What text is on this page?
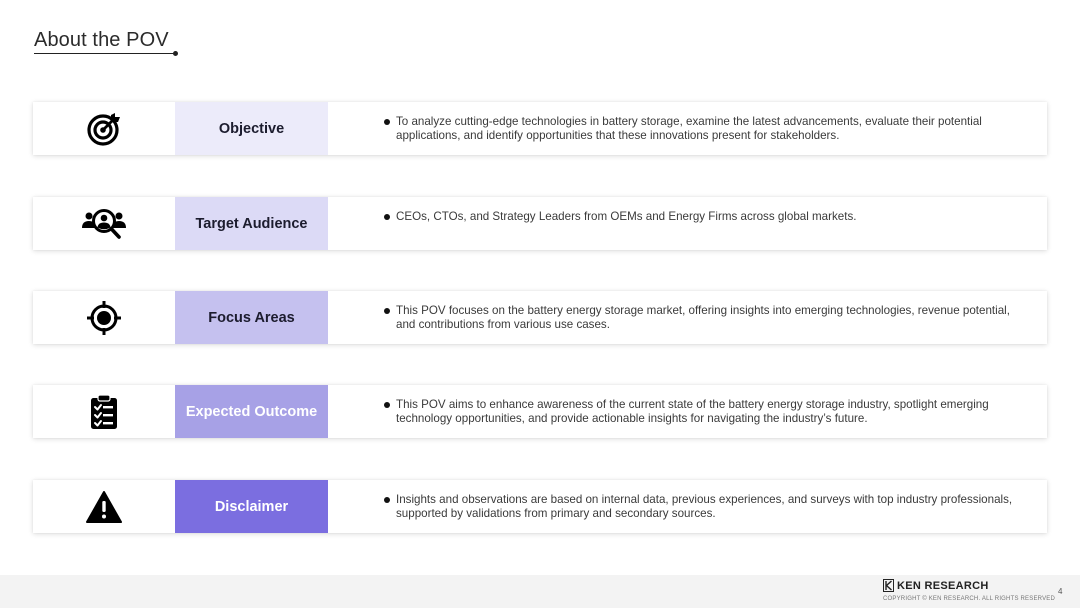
About the POV
Objective	To analyze cutting-edge technologies in battery storage, examine the latest advancements, evaluate their potential applications, and identify opportunities that these innovations present for stakeholders.
Target Audience	CEOs, CTOs, and Strategy Leaders from OEMs and Energy Firms across global markets.
Focus Areas	This POV focuses on the battery energy storage market, offering insights into emerging technologies, revenue potential, and contributions from various use cases.
Expected Outcome	This POV aims to enhance awareness of the current state of the battery energy storage industry, spotlight emerging technology opportunities, and provide actionable insights for navigating the industry’s future.
Disclaimer	Insights and observations are based on internal data, previous experiences, and surveys with top industry professionals, supported by validations from primary and secondary sources.
KEN RESEARCH
COPYRIGHT © KEN RESEARCH. ALL RIGHTS RESERVED
4
